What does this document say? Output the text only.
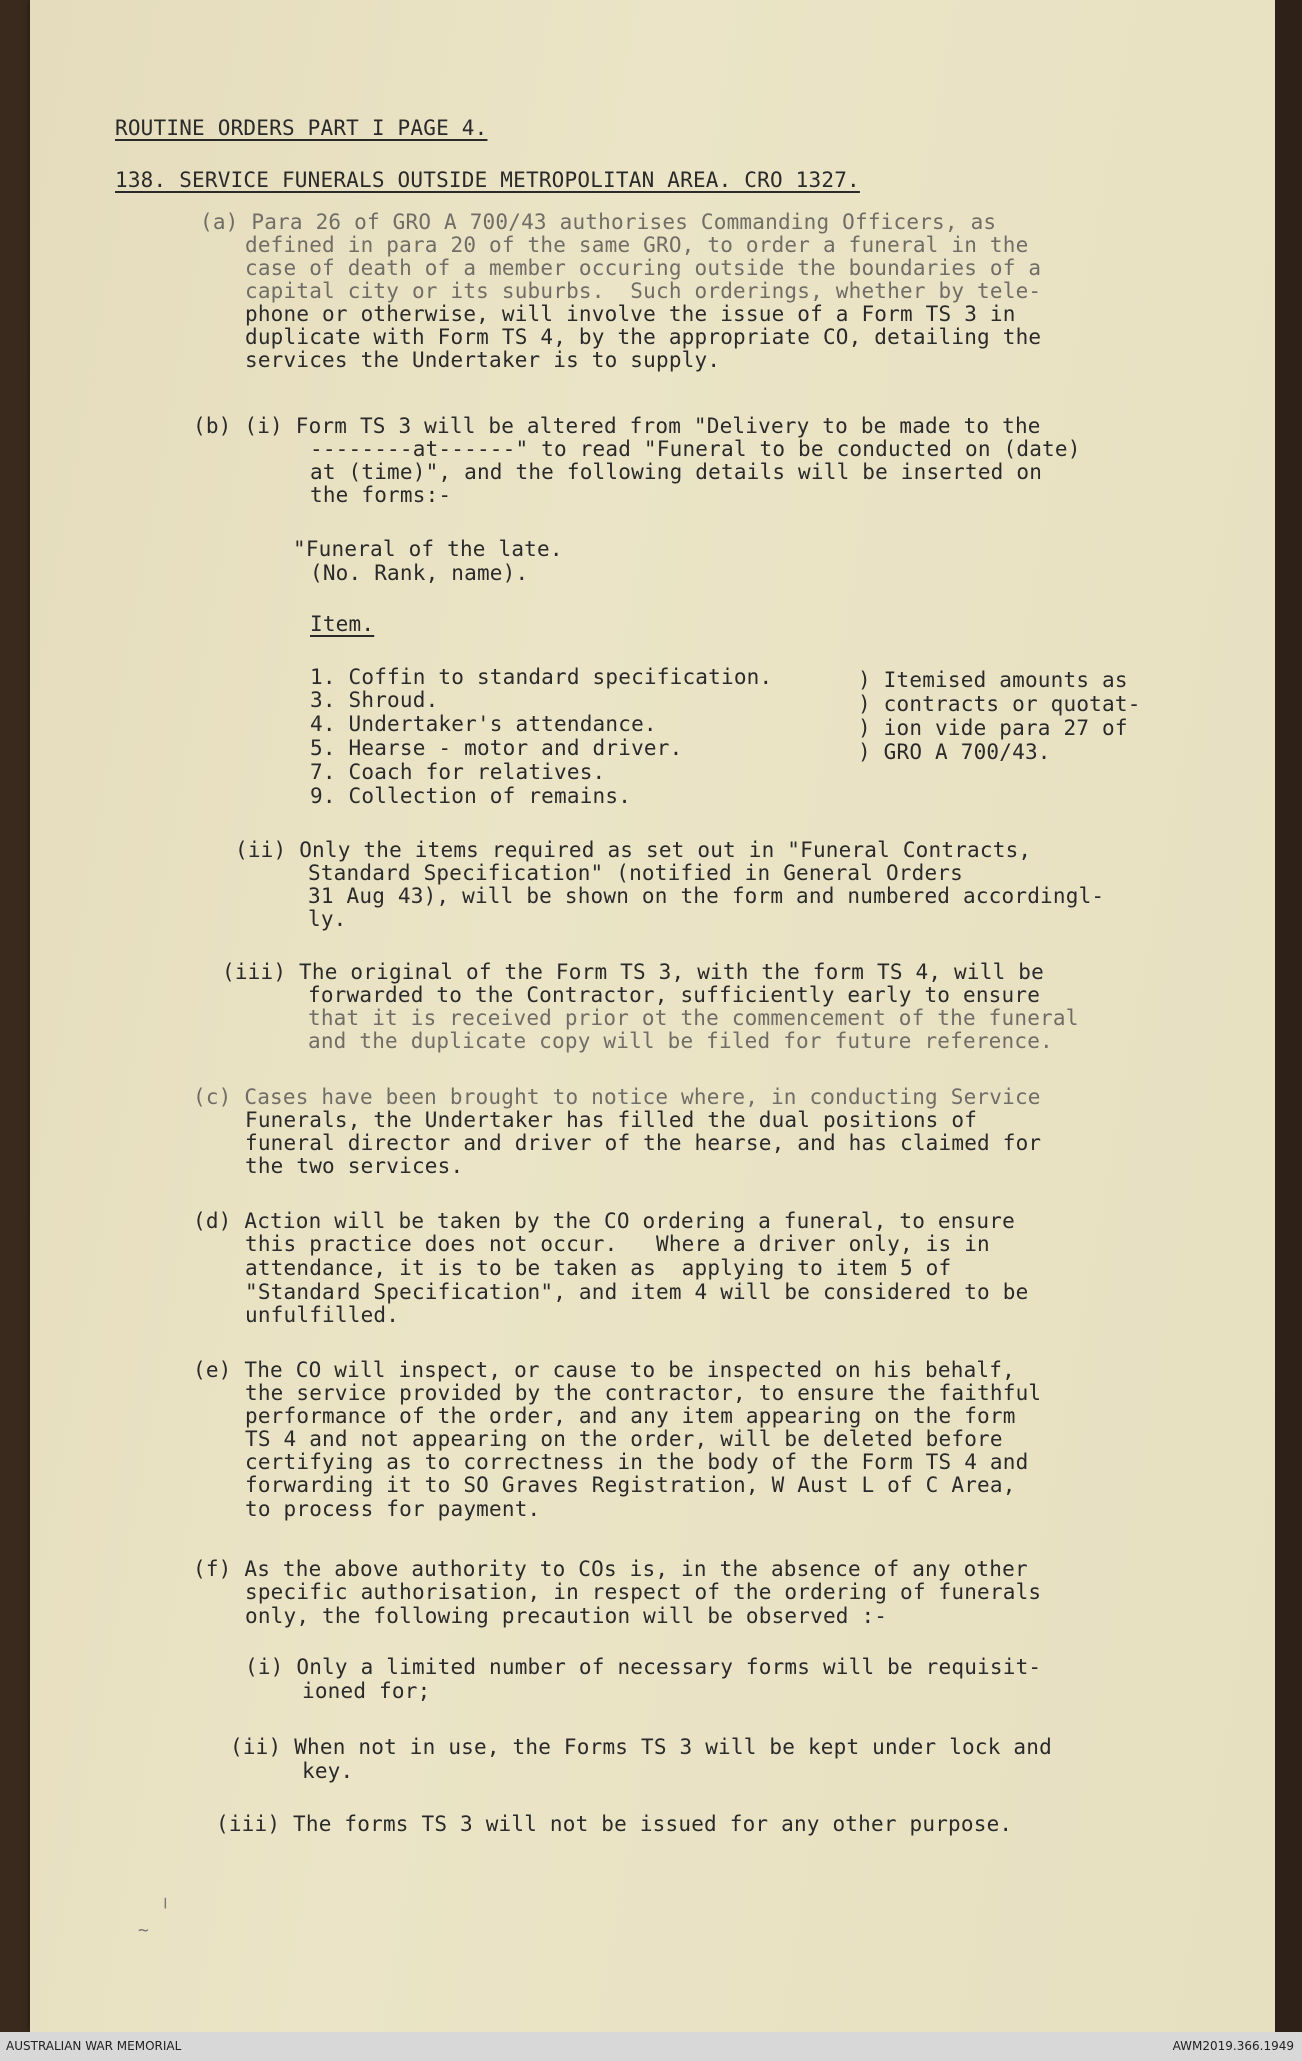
ROUTINE ORDERS PART I PAGE 4.
138. SERVICE FUNERALS OUTSIDE METROPOLITAN AREA. CRO 1327.
(a) Para 26 of GRO A 700/43 authorises Commanding Officers, as
defined in para 20 of the same GRO, to order a funeral in the
case of death of a member occuring outside the boundaries of a
capital city or its suburbs.  Such orderings, whether by tele-
phone or otherwise, will involve the issue of a Form TS 3 in
duplicate with Form TS 4, by the appropriate CO, detailing the
services the Undertaker is to supply.
(b) (i) Form TS 3 will be altered from "Delivery to be made to the
--------at------" to read "Funeral to be conducted on (date)
at (time)", and the following details will be inserted on
the forms:-
"Funeral of the late.
(No. Rank, name).
Item.
1. Coffin to standard specification.
3. Shroud.
4. Undertaker's attendance.
5. Hearse - motor and driver.
7. Coach for relatives.
9. Collection of remains.
) Itemised amounts as
) contracts or quotat-
) ion vide para 27 of
) GRO A 700/43.
(ii) Only the items required as set out in "Funeral Contracts,
Standard Specification" (notified in General Orders
31 Aug 43), will be shown on the form and numbered accordingl-
ly.
(iii) The original of the Form TS 3, with the form TS 4, will be
forwarded to the Contractor, sufficiently early to ensure
that it is received prior ot the commencement of the funeral
and the duplicate copy will be filed for future reference.
(c) Cases have been brought to notice where, in conducting Service
Funerals, the Undertaker has filled the dual positions of
funeral director and driver of the hearse, and has claimed for
the two services.
(d) Action will be taken by the CO ordering a funeral, to ensure
this practice does not occur.   Where a driver only, is in
attendance, it is to be taken as  applying to item 5 of
"Standard Specification", and item 4 will be considered to be
unfulfilled.
(e) The CO will inspect, or cause to be inspected on his behalf,
the service provided by the contractor, to ensure the faithful
performance of the order, and any item appearing on the form
TS 4 and not appearing on the order, will be deleted before
certifying as to correctness in the body of the Form TS 4 and
forwarding it to SO Graves Registration, W Aust L of C Area,
to process for payment.
(f) As the above authority to COs is, in the absence of any other
specific authorisation, in respect of the ordering of funerals
only, the following precaution will be observed :-
(i) Only a limited number of necessary forms will be requisit-
ioned for;
(ii) When not in use, the Forms TS 3 will be kept under lock and
key.
(iii) The forms TS 3 will not be issued for any other purpose.
╷
~
AUSTRALIAN WAR MEMORIAL	AWM2019.366.1949
